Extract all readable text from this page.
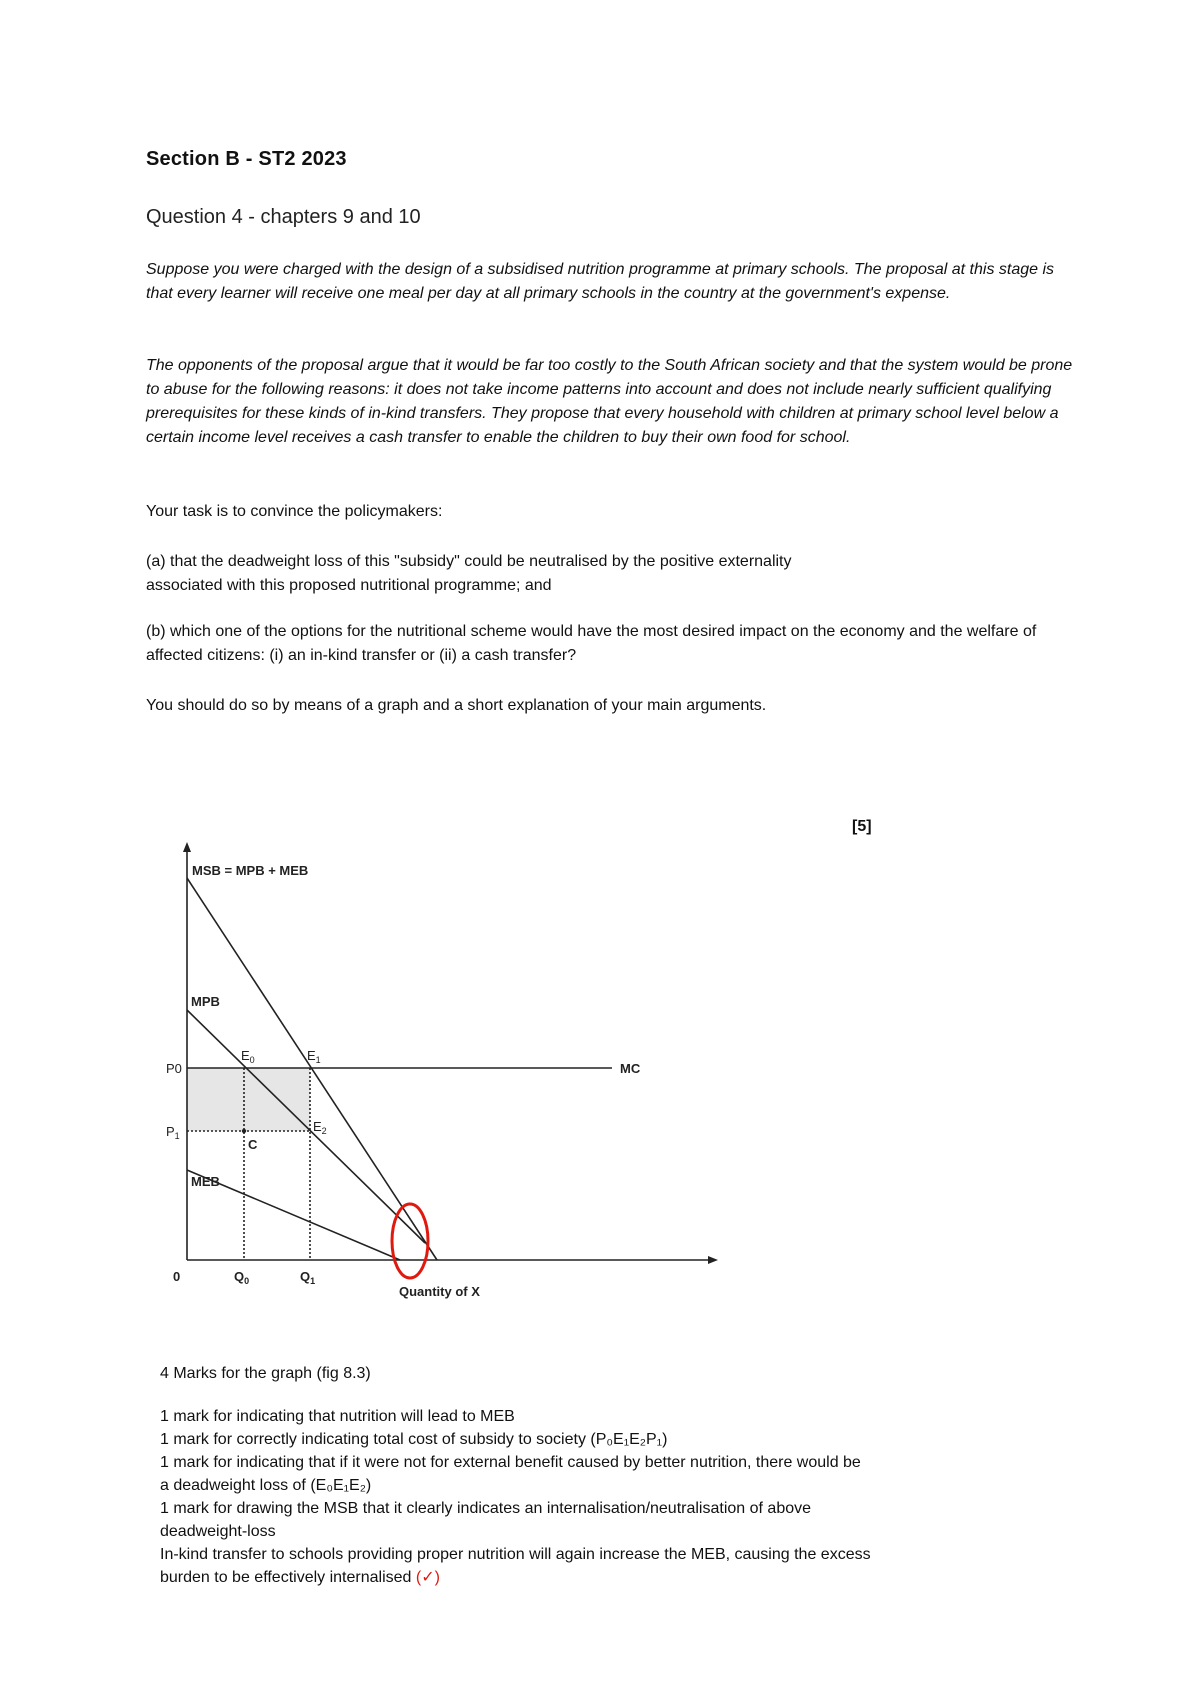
Section B - ST2 2023
Question 4 - chapters 9 and 10
Suppose you were charged with the design of a subsidised nutrition programme at primary schools. The proposal at this stage is that every learner will receive one meal per day at all primary schools in the country at the government's expense.
The opponents of the proposal argue that it would be far too costly to the South African society and that the system would be prone to abuse for the following reasons: it does not take income patterns into account and does not include nearly sufficient qualifying prerequisites for these kinds of in-kind transfers. They propose that every household with children at primary school level below a certain income level receives a cash transfer to enable the children to buy their own food for school.
Your task is to convince the policymakers:
(a) that the deadweight loss of this "subsidy" could be neutralised by the positive externality
associated with this proposed nutritional programme; and
(b) which one of the options for the nutritional scheme would have the most desired impact on the economy and the welfare of affected citizens: (i) an in-kind transfer or (ii) a cash transfer?
You should do so by means of a graph and a short explanation of your main arguments.
[5]
MSB = MPB + MEB
MPB
MEB
MC
P0
$P_1$
$E_0$	$E_1$
$E_2$
C
0	$Q_0$	$Q_1$
Quantity of X
4 Marks for the graph (fig 8.3)
1 mark for indicating that nutrition will lead to MEB
1 mark for correctly indicating total cost of subsidy to society (P₀E₁E₂P₁)
1 mark for indicating that if it were not for external benefit caused by better nutrition, there would be
a deadweight loss of (E₀E₁E₂)
1 mark for drawing the MSB that it clearly indicates an internalisation/neutralisation of above
deadweight-loss
In-kind transfer to schools providing proper nutrition will again increase the MEB, causing the excess
burden to be effectively internalised (✓)
